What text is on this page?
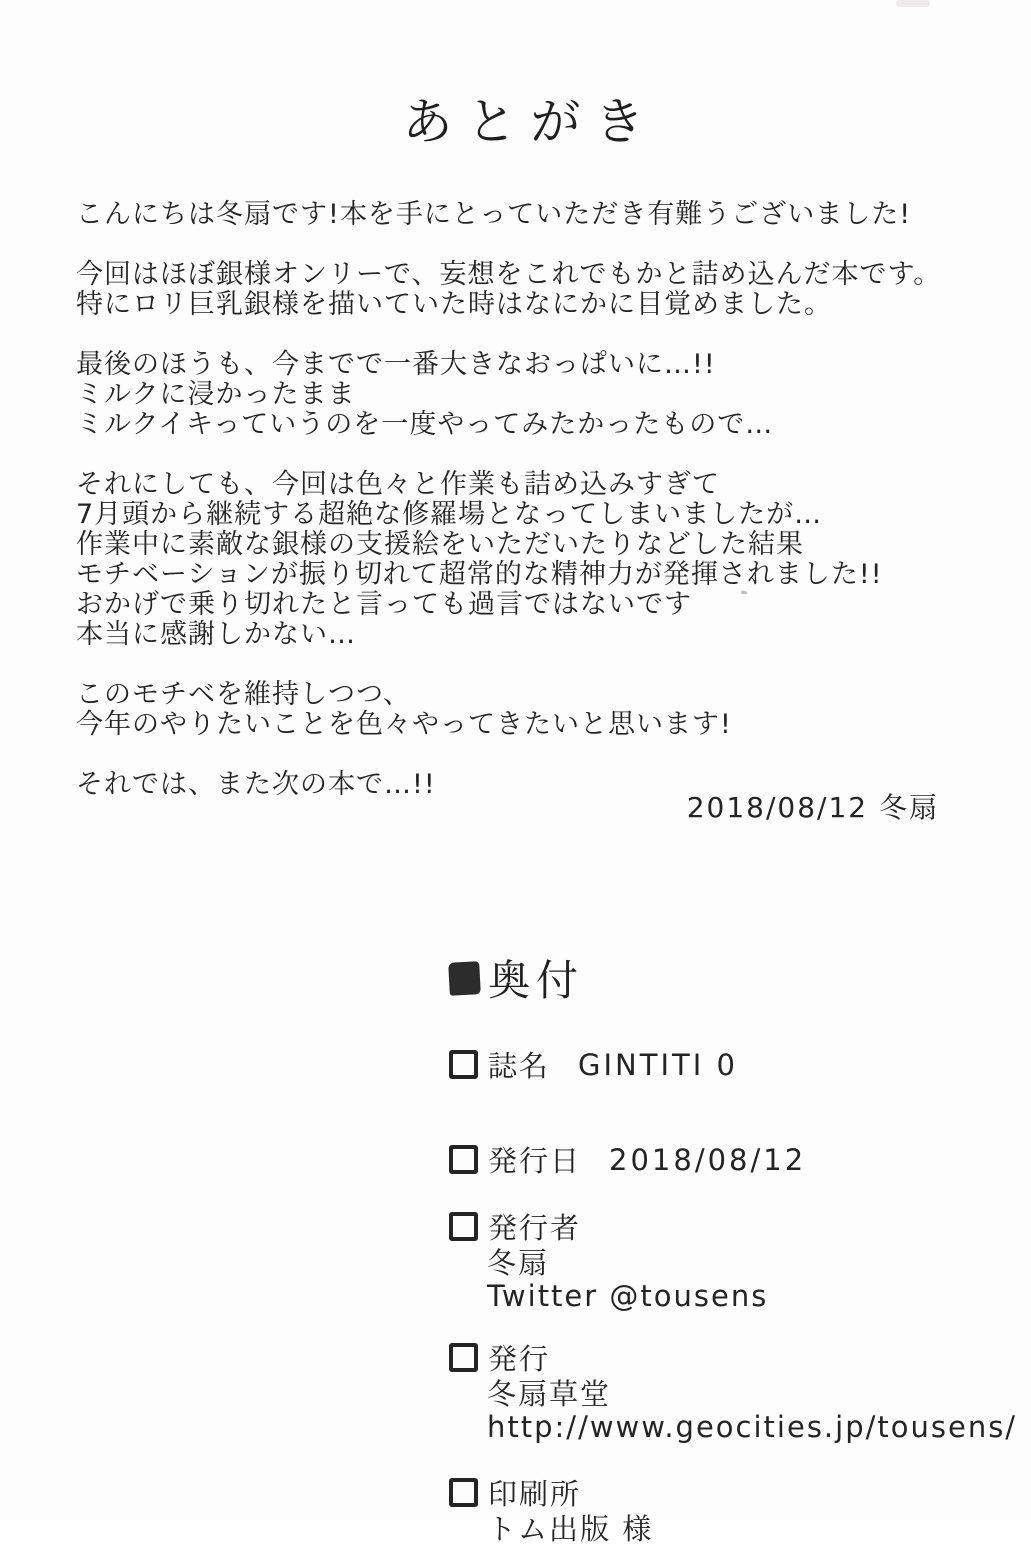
あとがき
こんにちは冬扇です!本を手にとっていただき有難うございました!
今回はほぼ銀様オンリーで、妄想をこれでもかと詰め込んだ本です。
特にロリ巨乳銀様を描いていた時はなにかに目覚めました。
最後のほうも、今までで一番大きなおっぱいに…!!
ミルクに浸かったまま
ミルクイキっていうのを一度やってみたかったもので…
それにしても、今回は色々と作業も詰め込みすぎて
7月頭から継続する超絶な修羅場となってしまいましたが…
作業中に素敵な銀様の支援絵をいただいたりなどした結果
モチベーションが振り切れて超常的な精神力が発揮されました!!
おかげで乗り切れたと言っても過言ではないです
本当に感謝しかない…
このモチベを維持しつつ、
今年のやりたいことを色々やってきたいと思います!
それでは、また次の本で…!!
2018/08/12 冬扇
奥付
誌名 GINTITI 0
発行日 2018/08/12
発行者
冬扇
Twitter @tousens
発行
冬扇草堂
http://www.geocities.jp/tousens/
印刷所
トム出版 様
